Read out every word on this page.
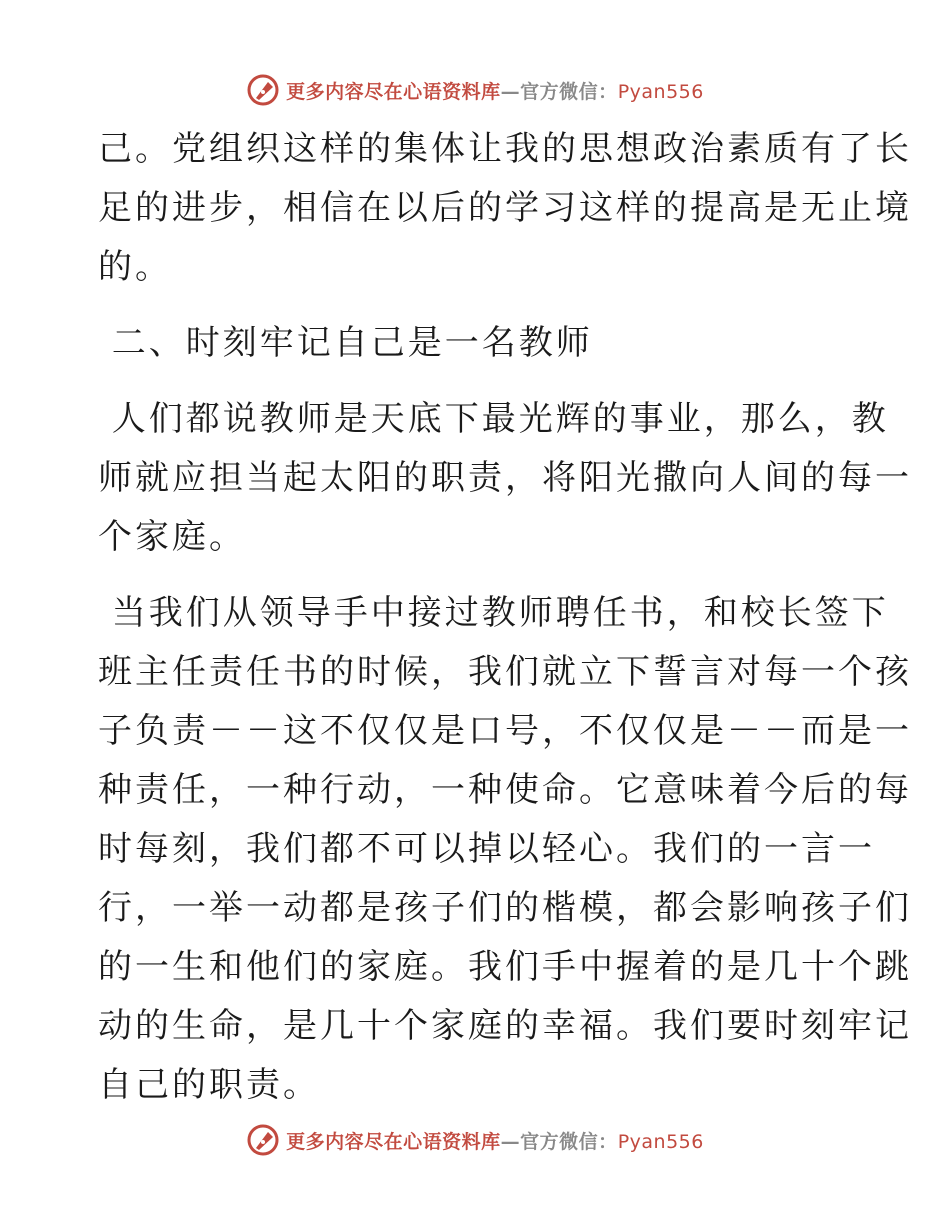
更多内容尽在心语资料库—官方微信：Pyan556
己。党组织这样的集体让我的思想政治素质有了长
足的进步，相信在以后的学习这样的提高是无止境
的。
二、时刻牢记自己是一名教师
人们都说教师是天底下最光辉的事业，那么，教
师就应担当起太阳的职责，将阳光撒向人间的每一
个家庭。
当我们从领导手中接过教师聘任书，和校长签下
班主任责任书的时候，我们就立下誓言对每一个孩
子负责－－这不仅仅是口号，不仅仅是－－而是一
种责任，一种行动，一种使命。它意味着今后的每
时每刻，我们都不可以掉以轻心。我们的一言一
行，一举一动都是孩子们的楷模，都会影响孩子们
的一生和他们的家庭。我们手中握着的是几十个跳
动的生命，是几十个家庭的幸福。我们要时刻牢记
自己的职责。
更多内容尽在心语资料库—官方微信：Pyan556
